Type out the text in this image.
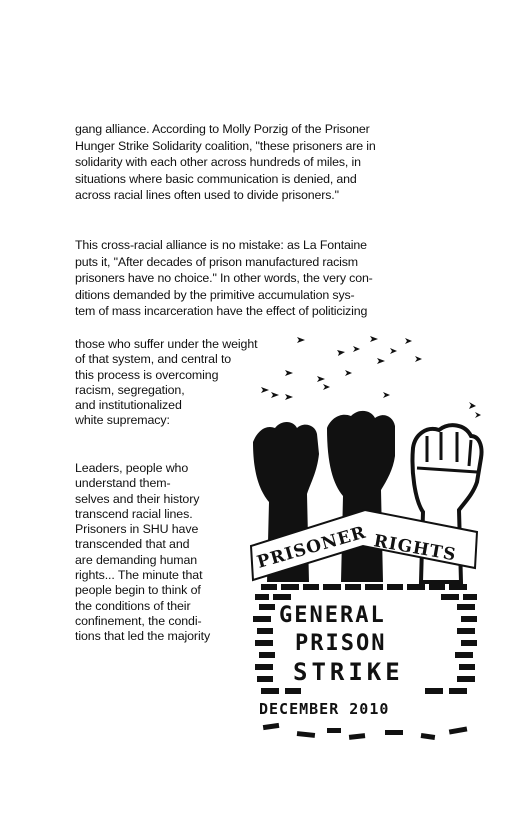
gang alliance. According to Molly Porzig of the Prisoner
Hunger Strike Solidarity coalition, "these prisoners are in
solidarity with each other across hundreds of miles, in
situations where basic communication is denied, and
across racial lines often used to divide prisoners."
This cross-racial alliance is no mistake: as La Fontaine
puts it, "After decades of prison manufactured racism
prisoners have no choice." In other words, the very con-
ditions demanded by the primitive accumulation sys-
tem of mass incarceration have the effect of politicizing
those who suffer under the weight
of that system, and central to
this process is overcoming
racism, segregation,
and institutionalized
white supremacy:
Leaders, people who
understand them-
selves and their history
transcend racial lines.
Prisoners in SHU have
transcended that and
are demanding human
rights... The minute that
people begin to think of
the conditions of their
confinement, the condi-
tions that led the majority
PRISONER RIGHTS
GENERAL
PRISON
STRIKE
DECEMBER 2010
